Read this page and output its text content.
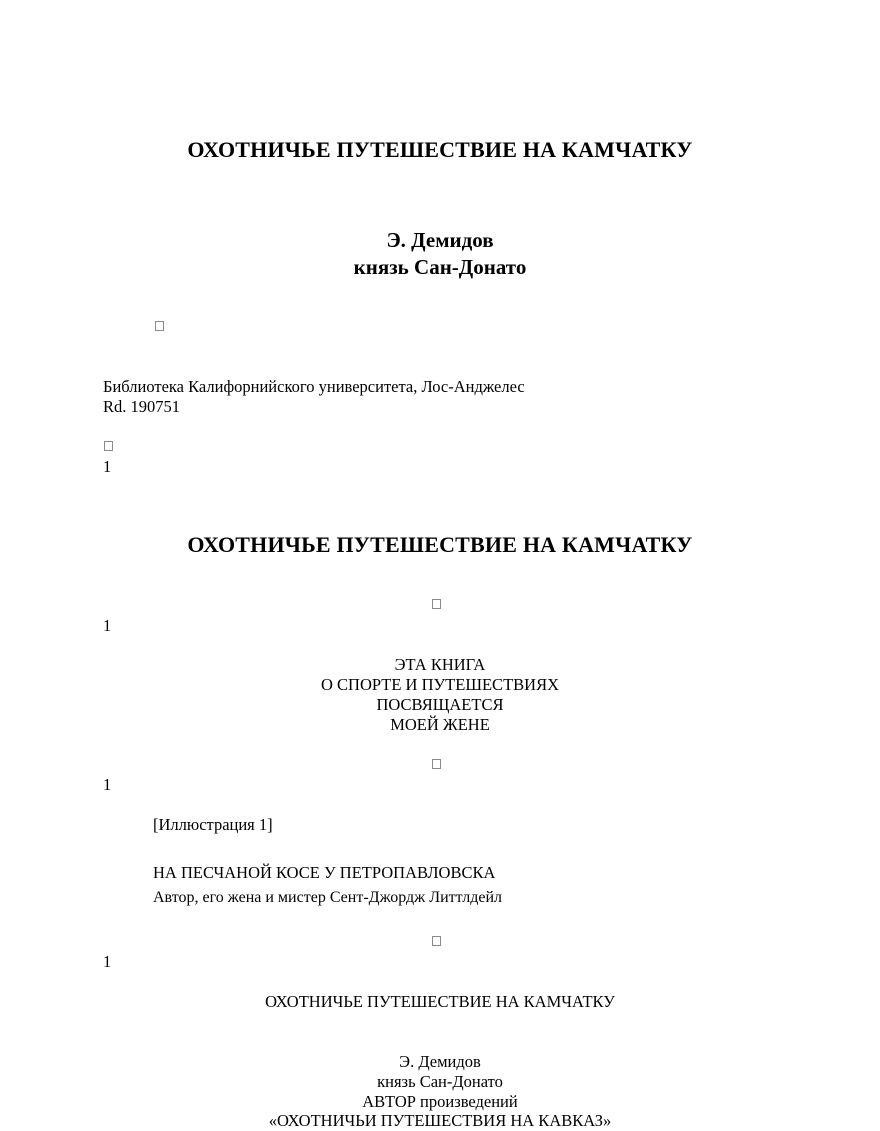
ОХОТНИЧЬЕ ПУТЕШЕСТВИЕ НА КАМЧАТКУ
Э. Демидов
князь Сан-Донато
Библиотека Калифорнийского университета, Лос-Анджелес
Rd. 190751
1
ОХОТНИЧЬЕ ПУТЕШЕСТВИЕ НА КАМЧАТКУ
1
ЭТА КНИГА
О СПОРТЕ И ПУТЕШЕСТВИЯХ
ПОСВЯЩАЕТСЯ
МОЕЙ ЖЕНЕ
1
[Иллюстрация 1]
НА ПЕСЧАНОЙ КОСЕ У ПЕТРОПАВЛОВСКА
Автор, его жена и мистер Сент-Джордж Литтлдейл
1
ОХОТНИЧЬЕ ПУТЕШЕСТВИЕ НА КАМЧАТКУ
Э. Демидов
князь Сан-Донато
АВТОР произведений
«ОХОТНИЧЬИ ПУТЕШЕСТВИЯ НА КАВКАЗ»
